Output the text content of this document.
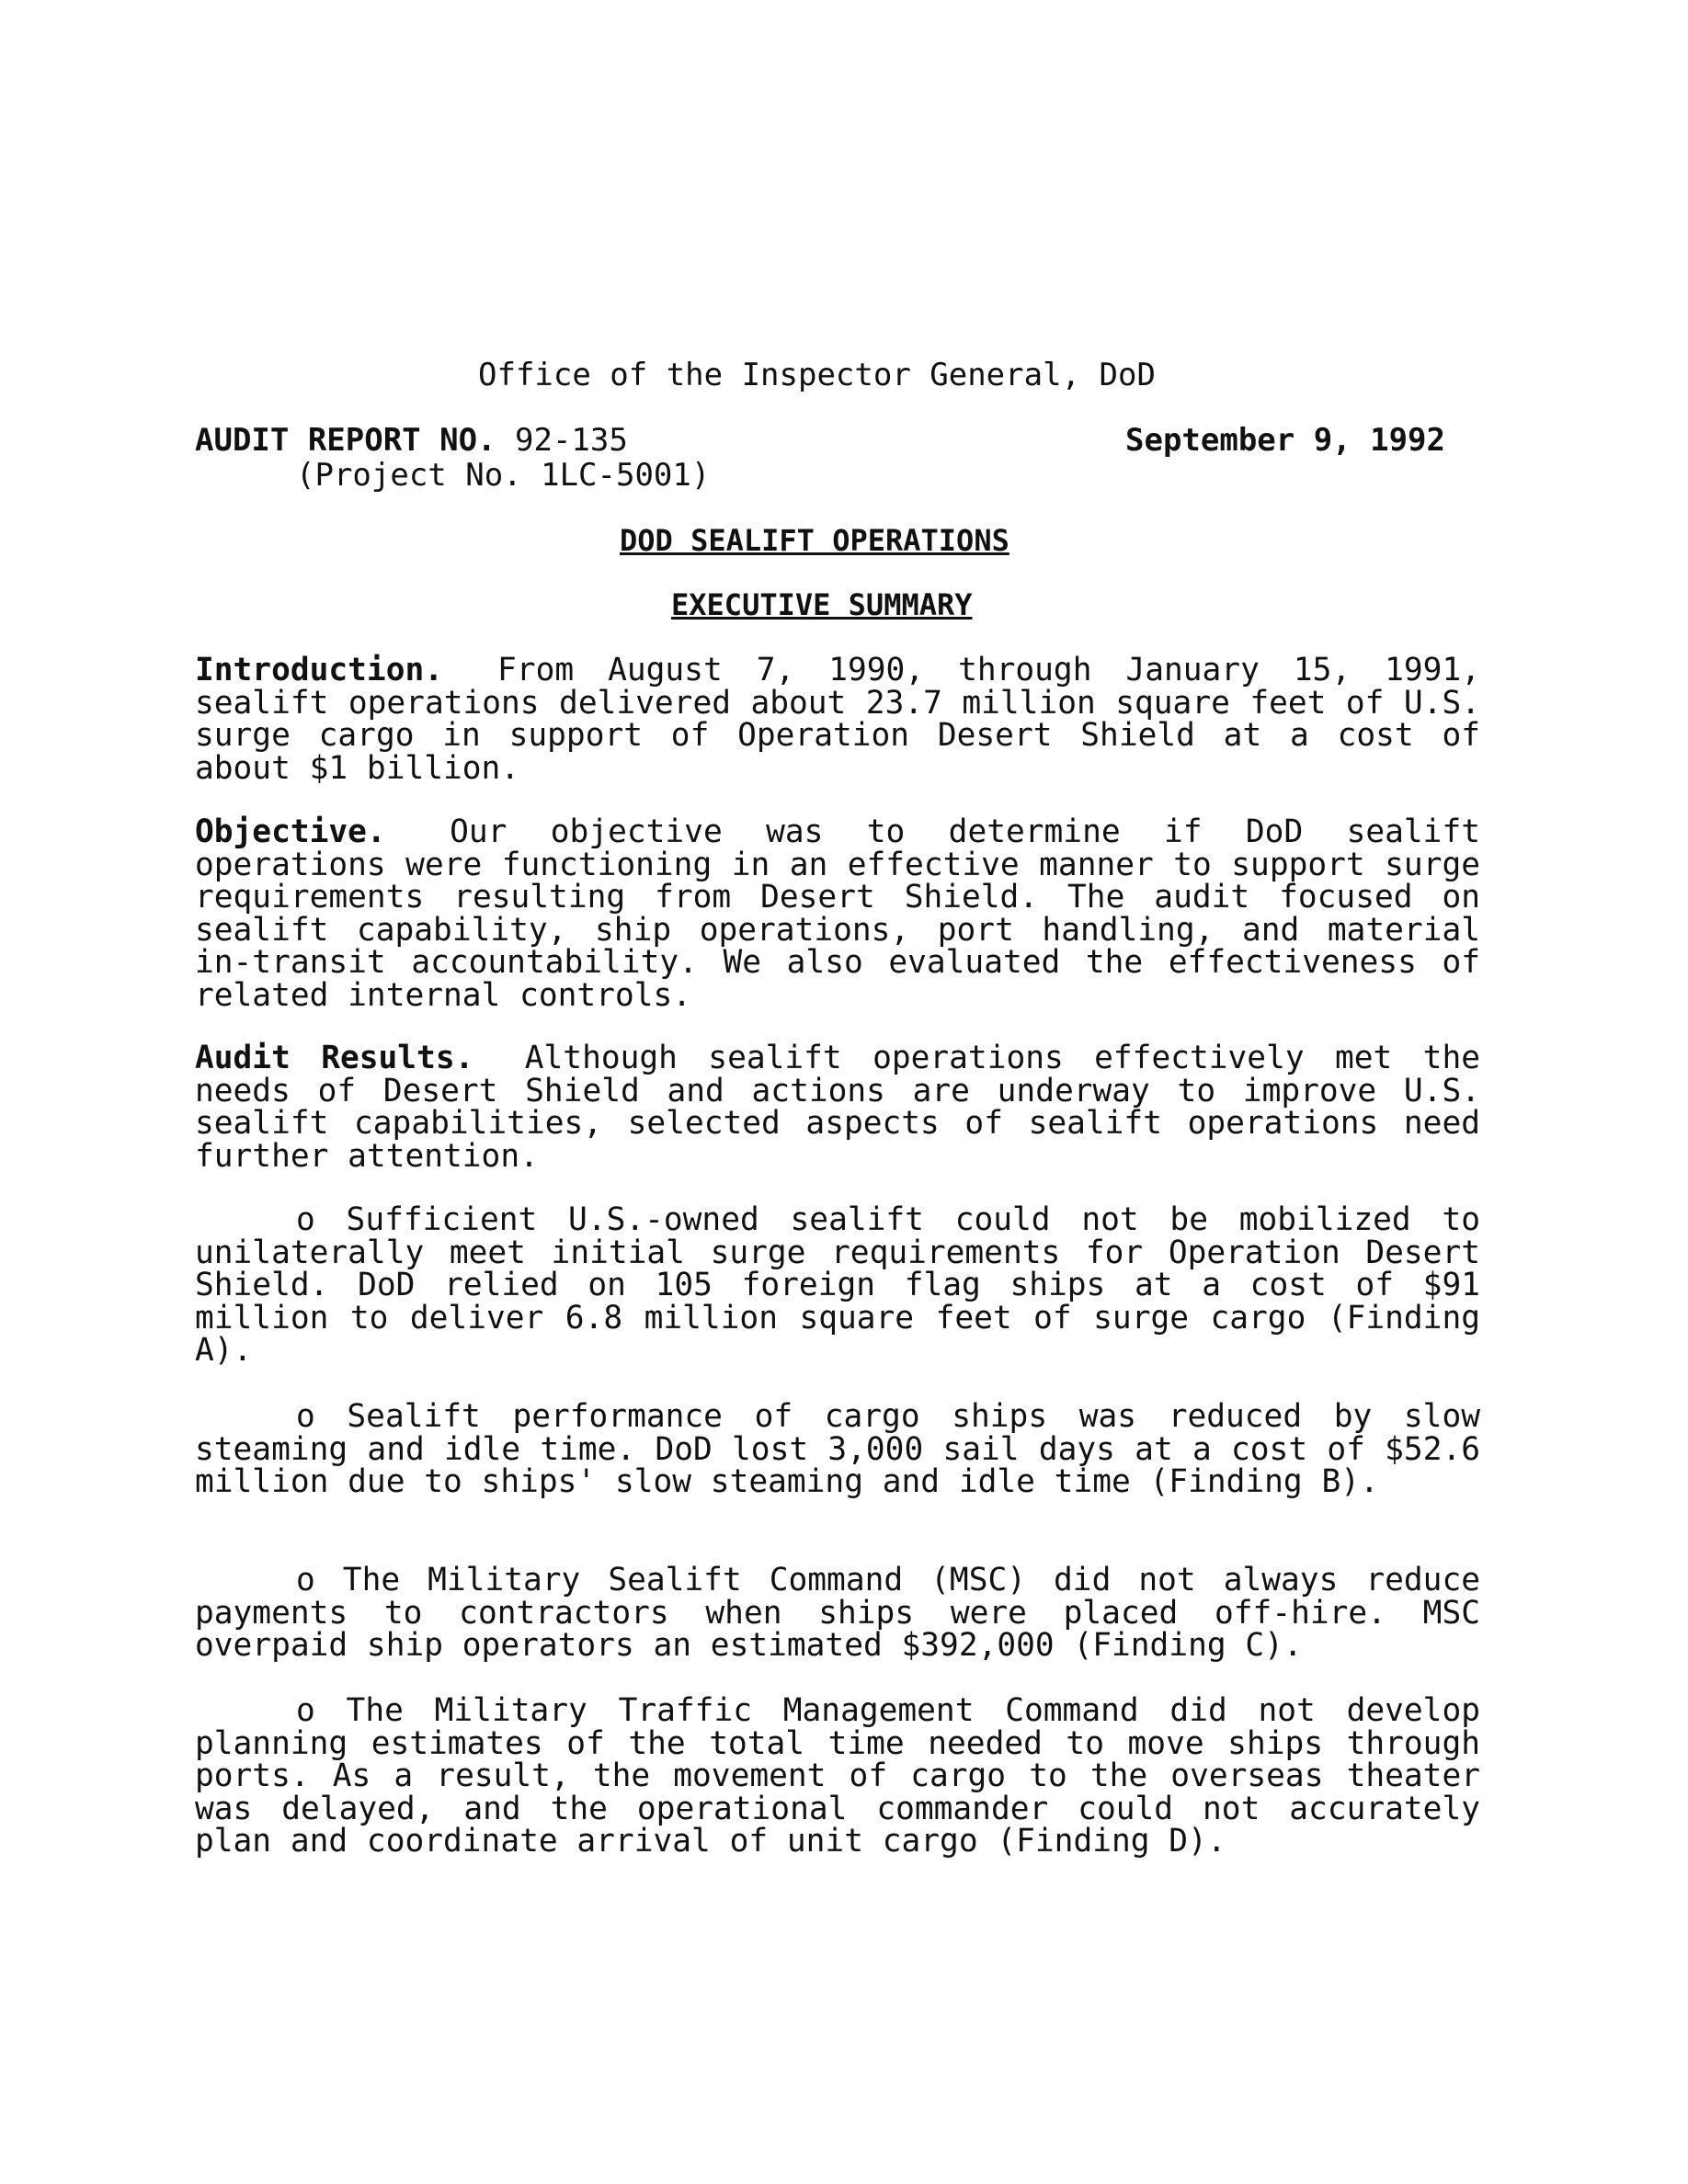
Office of the Inspector General, DoD
AUDIT REPORT NO. 92-135
(Project No. 1LC-5001)
September 9, 1992
DOD SEALIFT OPERATIONS
EXECUTIVE SUMMARY
Introduction. From August 7, 1990, through January 15, 1991, sealift operations delivered about 23.7 million square feet of U.S. surge cargo in support of Operation Desert Shield at a cost of about $1 billion.
Objective. Our objective was to determine if DoD sealift operations were functioning in an effective manner to support surge requirements resulting from Desert Shield. The audit focused on sealift capability, ship operations, port handling, and material in-transit accountability. We also evaluated the effectiveness of related internal controls.
Audit Results. Although sealift operations effectively met the needs of Desert Shield and actions are underway to improve U.S. sealift capabilities, selected aspects of sealift operations need further attention.
o Sufficient U.S.-owned sealift could not be mobilized to unilaterally meet initial surge requirements for Operation Desert Shield. DoD relied on 105 foreign flag ships at a cost of $91 million to deliver 6.8 million square feet of surge cargo (Finding A).
o Sealift performance of cargo ships was reduced by slow steaming and idle time. DoD lost 3,000 sail days at a cost of $52.6 million due to ships' slow steaming and idle time (Finding B).
o The Military Sealift Command (MSC) did not always reduce payments to contractors when ships were placed off-hire. MSC overpaid ship operators an estimated $392,000 (Finding C).
o The Military Traffic Management Command did not develop planning estimates of the total time needed to move ships through ports. As a result, the movement of cargo to the overseas theater was delayed, and the operational commander could not accurately plan and coordinate arrival of unit cargo (Finding D).
